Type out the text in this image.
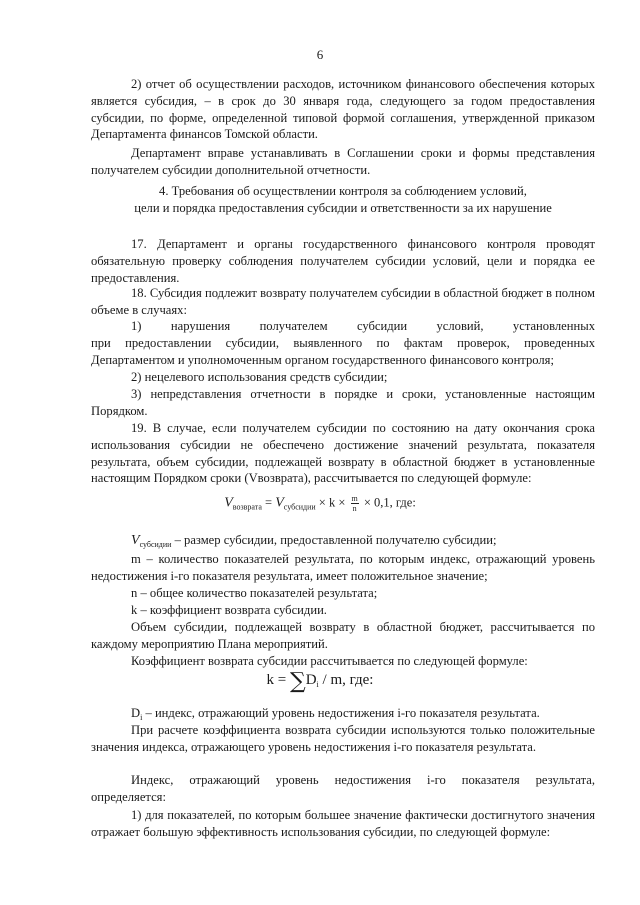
6
2) отчет об осуществлении расходов, источником финансового обеспечения которых является субсидия, – в срок до 30 января года, следующего за годом предоставления субсидии, по форме, определенной типовой формой соглашения, утвержденной приказом Департамента финансов Томской области.
Департамент вправе устанавливать в Соглашении сроки и формы представления получателем субсидии дополнительной отчетности.
4. Требования об осуществлении контроля за соблюдением условий,
цели и порядка предоставления субсидии и ответственности за их нарушение
17. Департамент и органы государственного финансового контроля проводят обязательную проверку соблюдения получателем субсидии условий, цели и порядка ее предоставления.
18. Субсидия подлежит возврату получателем субсидии в областной бюджет в полном объеме в случаях:
1) нарушения получателем субсидии условий, установленных
при предоставлении субсидии, выявленного по фактам проверок, проведенных Департаментом и уполномоченным органом государственного финансового контроля;
2) нецелевого использования средств субсидии;
3) непредставления отчетности в порядке и сроки, установленные настоящим Порядком.
19. В случае, если получателем субсидии по состоянию на дату окончания срока использования субсидии не обеспечено достижение значений результата, показателя результата, объем субсидии, подлежащей возврату в областной бюджет в установленные настоящим Порядком сроки (Vвозврата), рассчитывается по следующей формуле:
$V_{возврата} = V_{субсидии} \times k \times \frac{m}{n} \times 0,1$, где:
$V_{субсидии}$ – размер субсидии, предоставленной получателю субсидии;
m – количество показателей результата, по которым индекс, отражающий уровень недостижения i-го показателя результата, имеет положительное значение;
n – общее количество показателей результата;
k – коэффициент возврата субсидии.
Объем субсидии, подлежащей возврату в областной бюджет, рассчитывается по каждому мероприятию Плана мероприятий.
Коэффициент возврата субсидии рассчитывается по следующей формуле:
$k = \sum D_i / m$, где:
$D_i$ – индекс, отражающий уровень недостижения i-го показателя результата.
При расчете коэффициента возврата субсидии используются только положительные значения индекса, отражающего уровень недостижения i-го показателя результата.
Индекс, отражающий уровень недостижения i-го показателя результата, определяется:
1) для показателей, по которым большее значение фактически достигнутого значения отражает большую эффективность использования субсидии, по следующей формуле:
